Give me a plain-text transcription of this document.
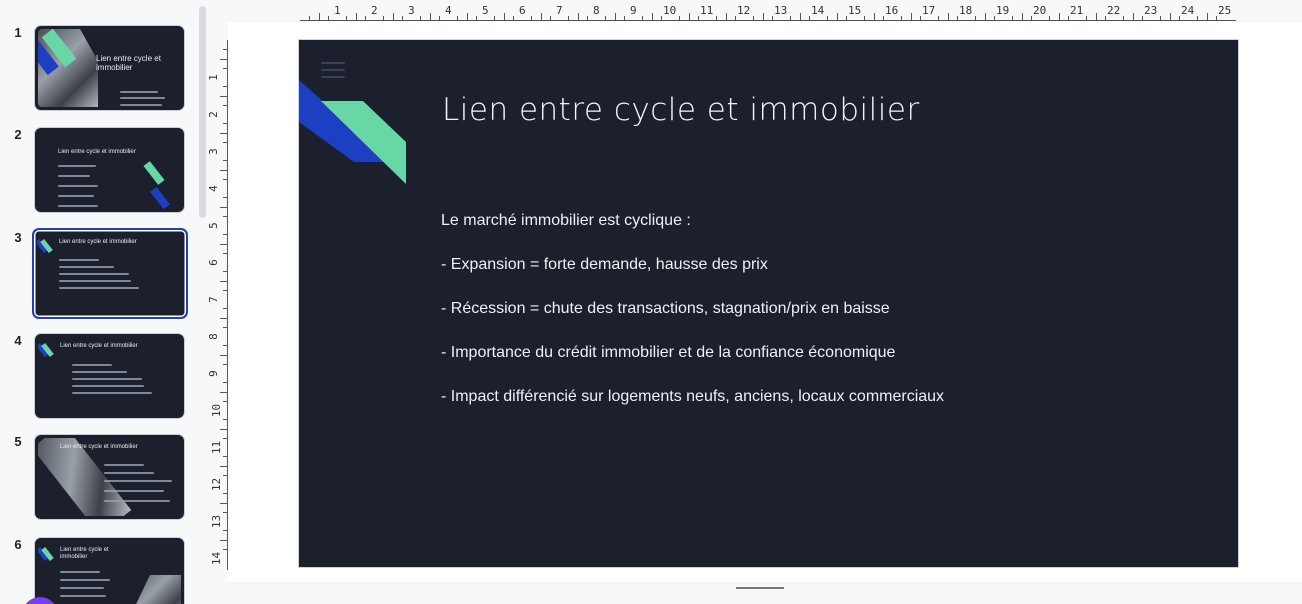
1
Lien entre cycle et immobilier
2
Lien entre cycle et immobilier
3	Lien entre cycle et immobilier
4	Lien entre cycle et immobilier
5	Lien entre cycle et immobilier
6	Lien entre cycle et immobilier
1	2	3	4	5	6	7	8	9 10 11 12 13 14 15 16 17 18 19 20 21 22 23 24 25
1
2
3
4
5
6
7
8
9
10
11
12
13
14
Lien entre cycle et immobilier
Le marché immobilier est cyclique :
- Expansion = forte demande, hausse des prix
- Récession = chute des transactions, stagnation/prix en baisse
- Importance du crédit immobilier et de la confiance économique
- Impact différencié sur logements neufs, anciens, locaux commerciaux
